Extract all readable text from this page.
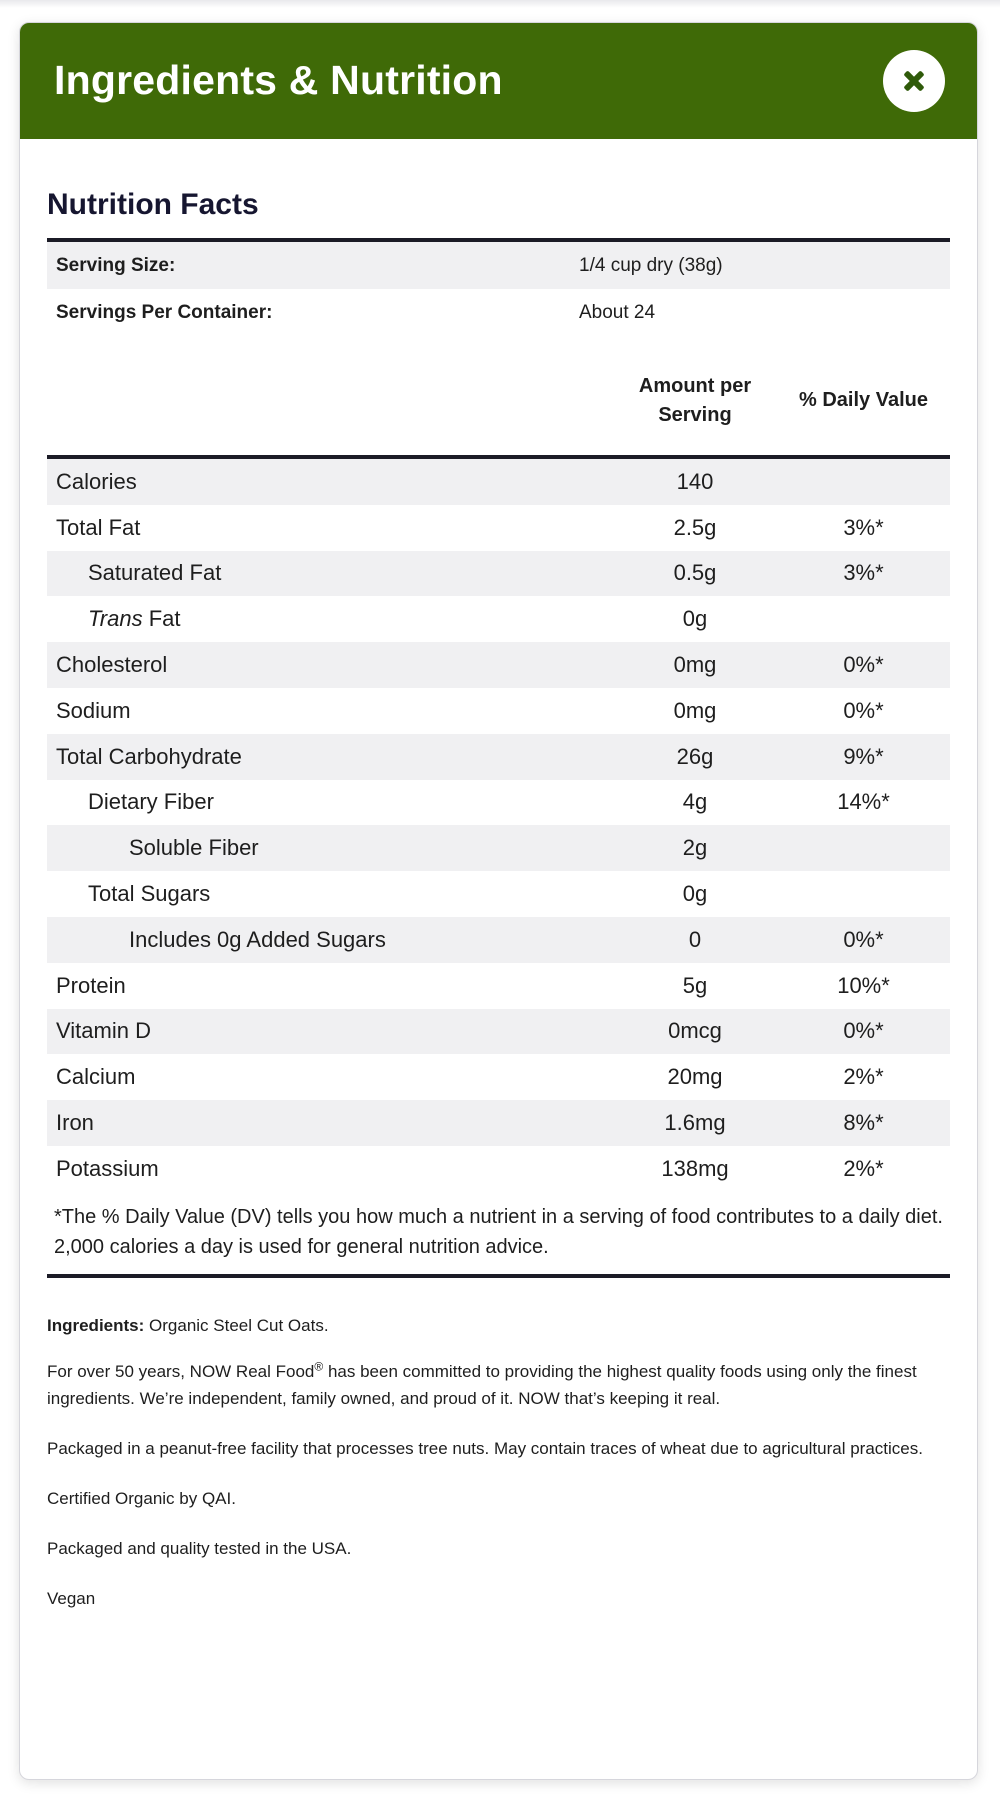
Ingredients & Nutrition
Nutrition Facts
Serving Size:	1/4 cup dry (38g)
Servings Per Container:	About 24
Amount per
Serving
% Daily Value
Calories	140
Total Fat	2.5g	3%*
Saturated Fat	0.5g	3%*
Trans Fat	0g
Cholesterol	0mg	0%*
Sodium	0mg	0%*
Total Carbohydrate	26g	9%*
Dietary Fiber	4g	14%*
Soluble Fiber	2g
Total Sugars	0g
Includes 0g Added Sugars	0	0%*
Protein	5g	10%*
Vitamin D	0mcg	0%*
Calcium	20mg	2%*
Iron	1.6mg	8%*
Potassium	138mg	2%*
*The % Daily Value (DV) tells you how much a nutrient in a serving of food contributes to a daily diet. 2,000 calories a day is used for general nutrition advice.

Ingredients: Organic Steel Cut Oats.

For over 50 years, NOW Real Food® has been committed to providing the highest quality foods using only the finest ingredients. We’re independent, family owned, and proud of it. NOW that’s keeping it real.

Packaged in a peanut-free facility that processes tree nuts. May contain traces of wheat due to agricultural practices.

Certified Organic by QAI.

Packaged and quality tested in the USA.

Vegan
